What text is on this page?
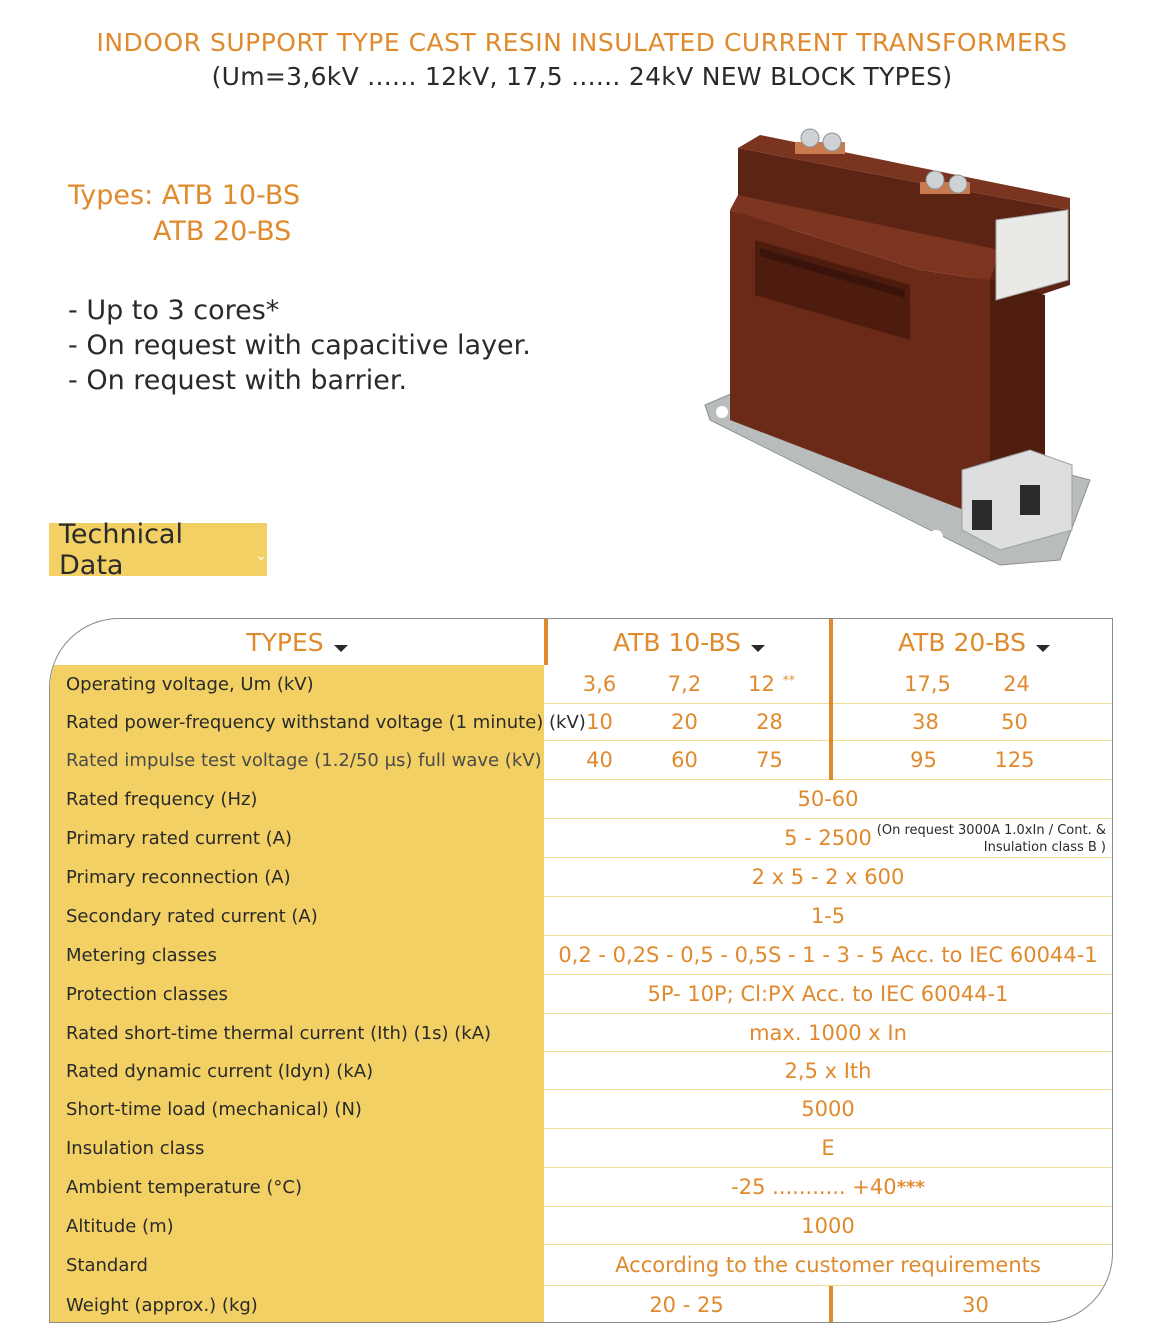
INDOOR SUPPORT TYPE CAST RESIN INSULATED CURRENT TRANSFORMERS
(Um=3,6kV ...... 12kV, 17,5 ...... 24kV NEW BLOCK TYPES)
Types: ATB 10-BS
ATB 20-BS
- Up to 3 cores*
- On request with capacitive layer.
- On request with barrier.
Technical Data	⌄
TYPES	ATB 10-BS	ATB 20-BS
Operating voltage, Um (kV)	3,6	7,2	12 **	17,5	24
Rated power-frequency withstand voltage (1 minute) (kV) 10	20	28	38	50
Rated impulse test voltage (1.2/50 μs) full wave (kV)	40	60	75	95	125
Rated frequency (Hz)	50-60
Primary rated current (A)	5 - 2500 (On request 3000A 1.0xIn / Cont. &
Insulation class B )
Primary reconnection (A)	2 x 5 - 2 x 600
Secondary rated current (A)	1-5
Metering classes	0,2 - 0,2S - 0,5 - 0,5S - 1 - 3 - 5 Acc. to IEC 60044-1
Protection classes	5P- 10P; Cl:PX Acc. to IEC 60044-1
Rated short-time thermal current (Ith) (1s) (kA)	max. 1000 x In
Rated dynamic current (Idyn) (kA)	2,5 x Ith
Short-time load (mechanical) (N)	5000
Insulation class	E
Ambient temperature (°C)	-25 ........... +40 ***
Altitude (m)	1000
Standard	According to the customer requirements
Weight (approx.) (kg)	20 - 25	30
